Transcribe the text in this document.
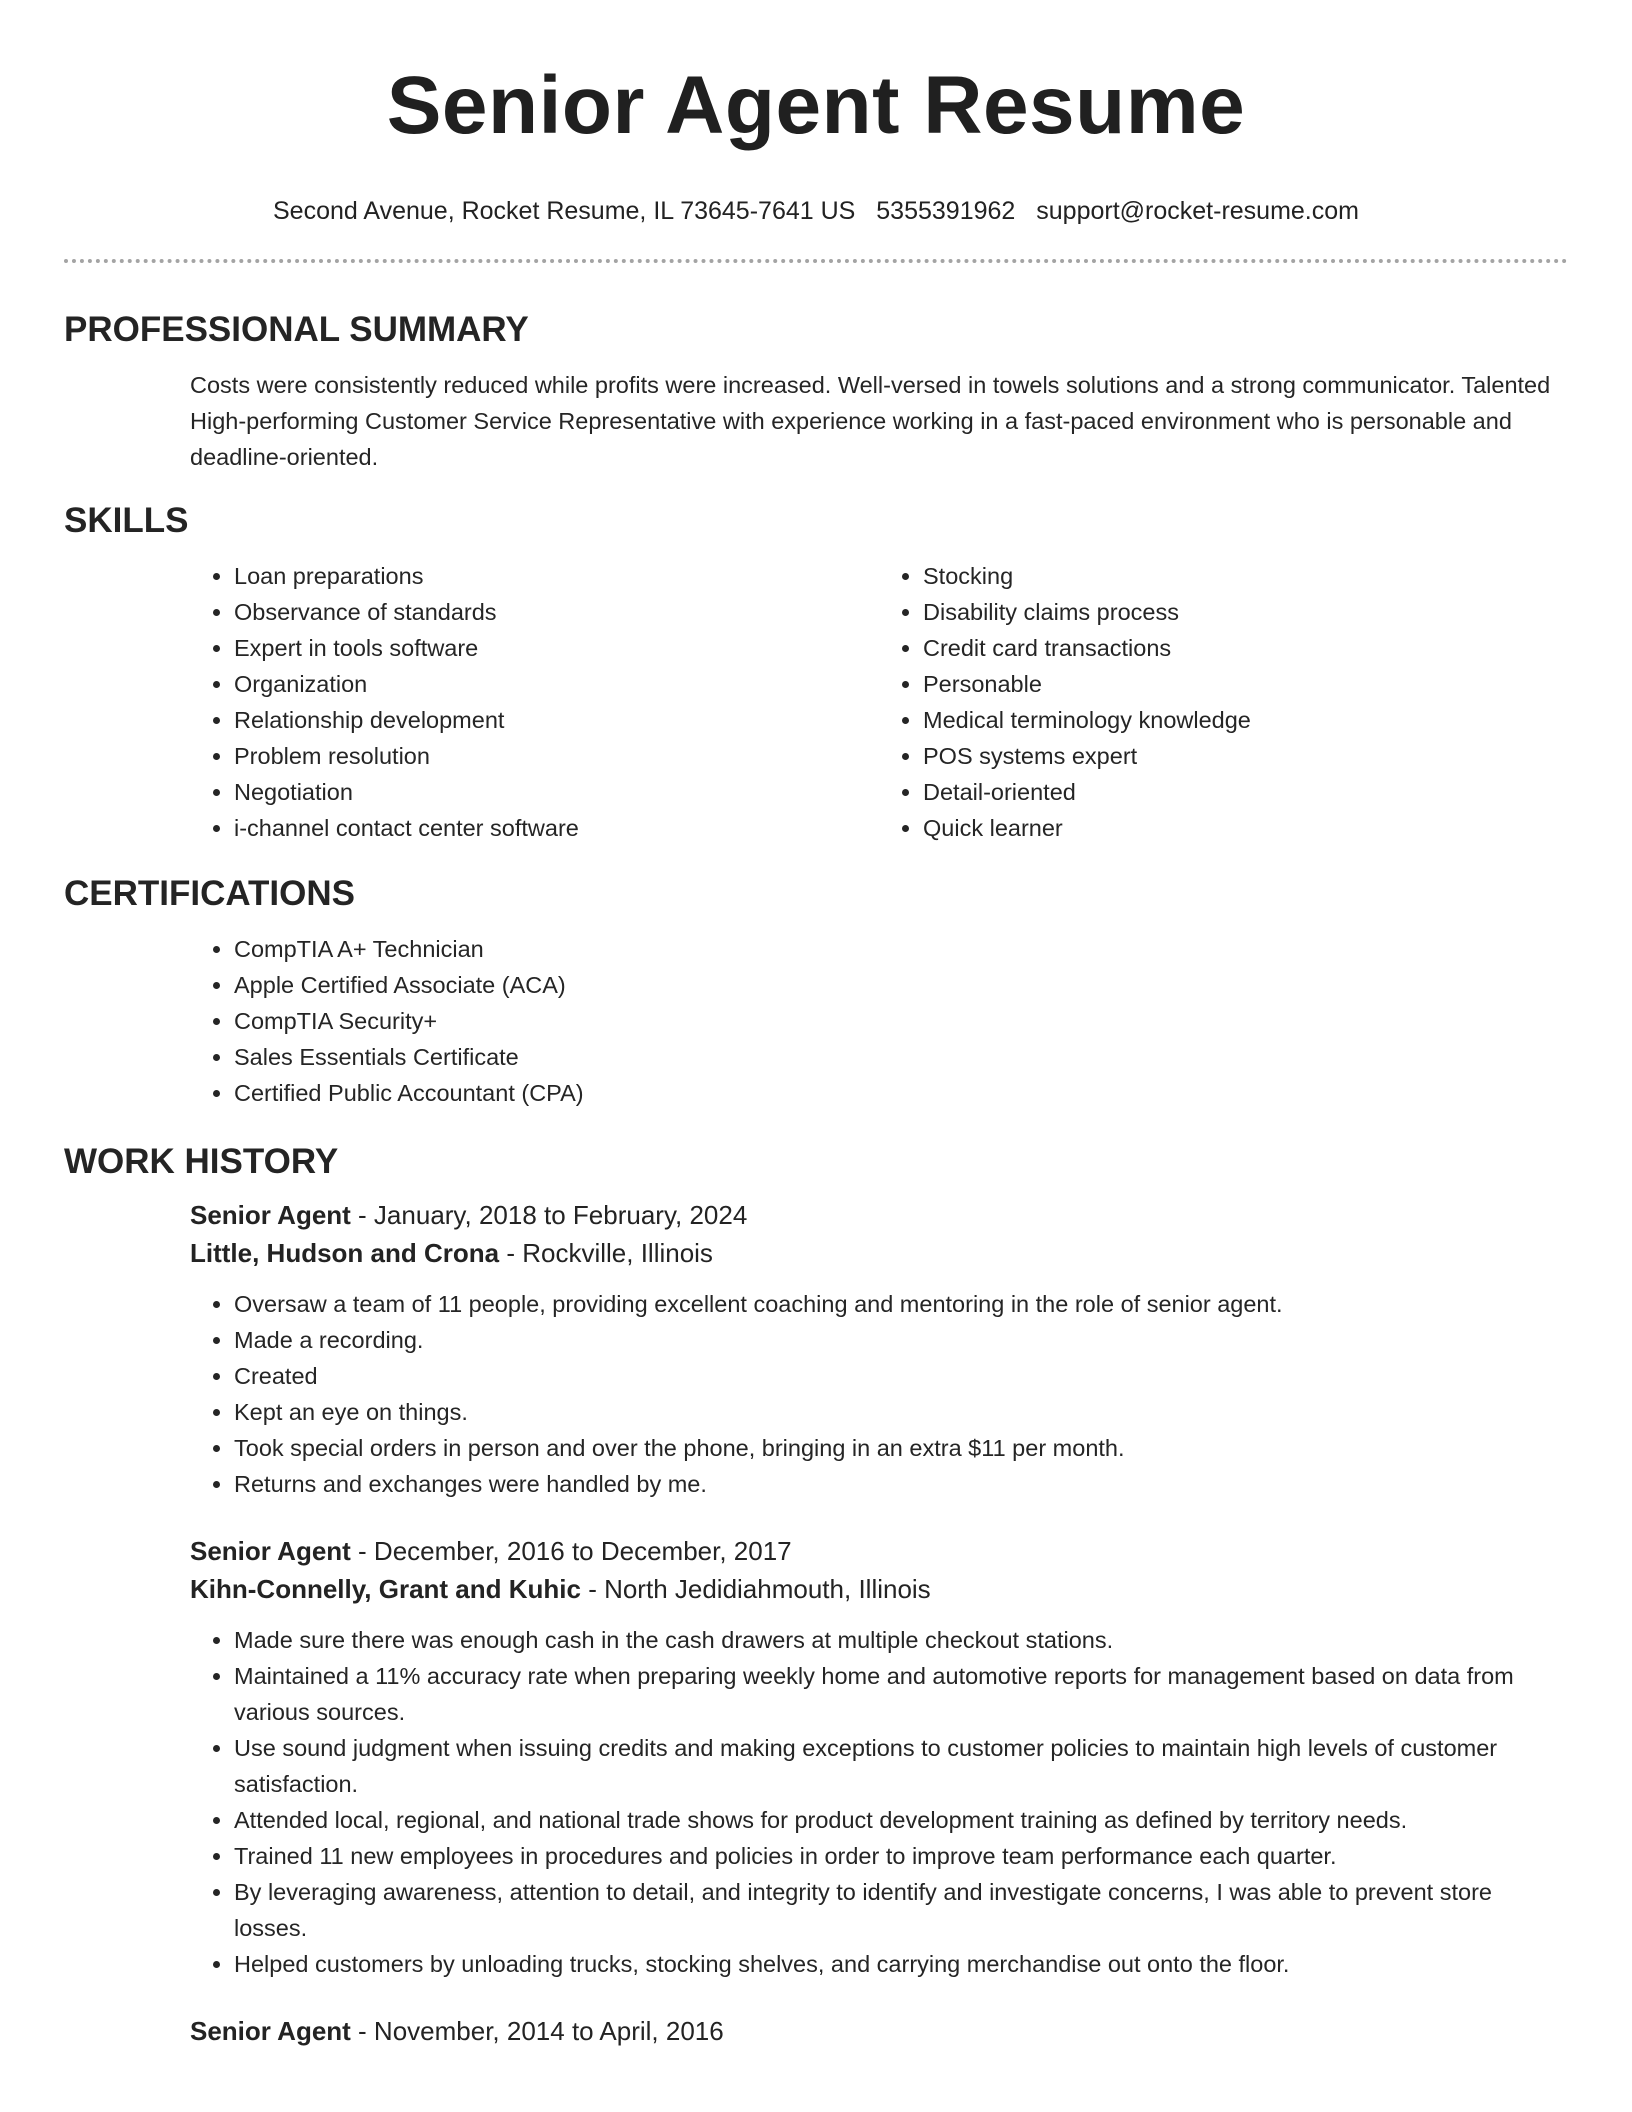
Senior Agent Resume
Second Avenue, Rocket Resume, IL 73645-7641 US 5355391962 support@rocket-resume.com
PROFESSIONAL SUMMARY

Costs were consistently reduced while profits were increased. Well-versed in towels solutions and a strong communicator. Talented High-performing Customer Service Representative with experience working in a fast-paced environment who is personable and deadline-oriented.

SKILLS
• Loan preparations
• Observance of standards
• Expert in tools software
• Organization
• Relationship development
• Problem resolution
• Negotiation
• i-channel contact center software
• Stocking
• Disability claims process
• Credit card transactions
• Personable
• Medical terminology knowledge
• POS systems expert
• Detail-oriented
• Quick learner
CERTIFICATIONS
• CompTIA A+ Technician
• Apple Certified Associate (ACA)
• CompTIA Security+
• Sales Essentials Certificate
• Certified Public Accountant (CPA)
WORK HISTORY
Senior Agent - January, 2018 to February, 2024
Little, Hudson and Crona - Rockville, Illinois
• Oversaw a team of 11 people, providing excellent coaching and mentoring in the role of senior agent.
• Made a recording.
• Created
• Kept an eye on things.
• Took special orders in person and over the phone, bringing in an extra $11 per month.
• Returns and exchanges were handled by me.
Senior Agent - December, 2016 to December, 2017
Kihn-Connelly, Grant and Kuhic - North Jedidiahmouth, Illinois
• Made sure there was enough cash in the cash drawers at multiple checkout stations.
• Maintained a 11% accuracy rate when preparing weekly home and automotive reports for management based on data from various sources.
• Use sound judgment when issuing credits and making exceptions to customer policies to maintain high levels of customer satisfaction.
• Attended local, regional, and national trade shows for product development training as defined by territory needs.
• Trained 11 new employees in procedures and policies in order to improve team performance each quarter.
• By leveraging awareness, attention to detail, and integrity to identify and investigate concerns, I was able to prevent store losses.
• Helped customers by unloading trucks, stocking shelves, and carrying merchandise out onto the floor.
Senior Agent - November, 2014 to April, 2016
